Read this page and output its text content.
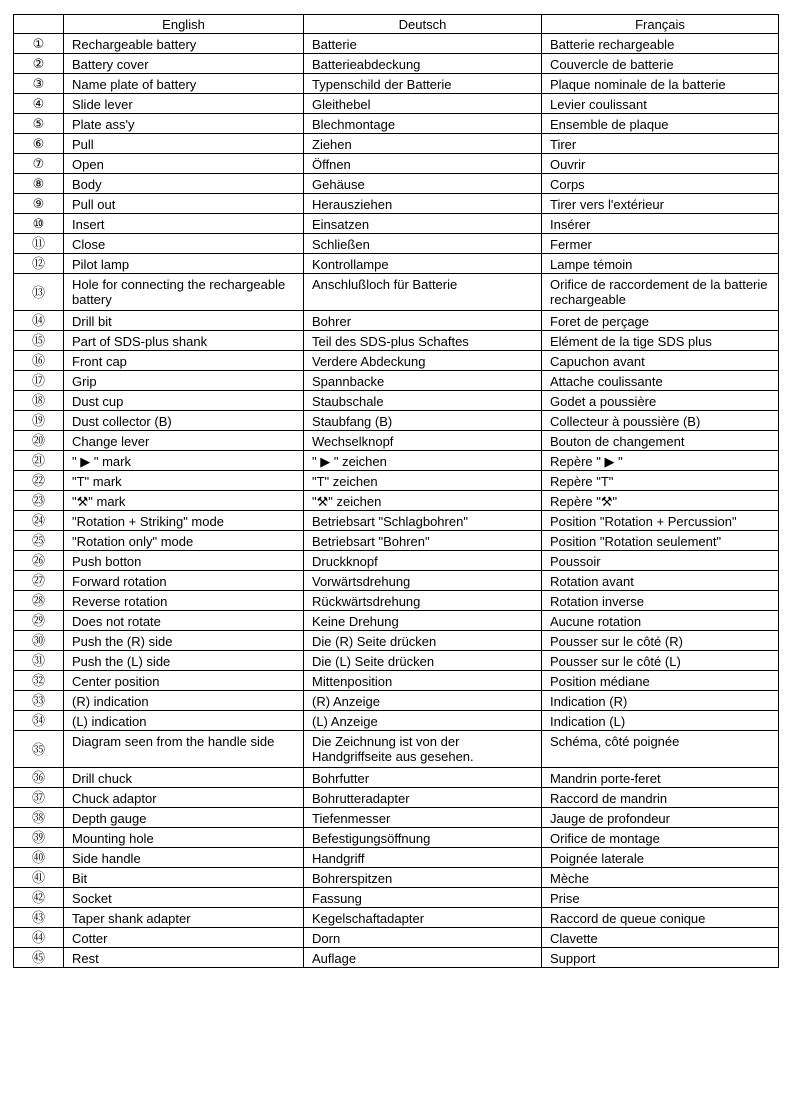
	English	Deutsch	Français
①	Rechargeable battery	Batterie	Batterie rechargeable
②	Battery cover	Batterieabdeckung	Couvercle de batterie
③	Name plate of battery	Typenschild der Batterie	Plaque nominale de la batterie
④	Slide lever	Gleithebel	Levier coulissant
⑤	Plate ass'y	Blechmontage	Ensemble de plaque
⑥	Pull	Ziehen	Tirer
⑦	Open	Öffnen	Ouvrir
⑧	Body	Gehäuse	Corps
⑨	Pull out	Herausziehen	Tirer vers l'extérieur
⑩	Insert	Einsatzen	Insérer
⑪	Close	Schließen	Fermer
⑫	Pilot lamp	Kontrollampe	Lampe témoin
⑬	Hole for connecting the rechargeable battery	Anschlußloch für Batterie	Orifice de raccordement de la batterie rechargeable
⑭	Drill bit	Bohrer	Foret de perçage
⑮	Part of SDS-plus shank	Teil des SDS-plus Schaftes	Elément de la tige SDS plus
⑯	Front cap	Verdere Abdeckung	Capuchon avant
⑰	Grip	Spannbacke	Attache coulissante
⑱	Dust cup	Staubschale	Godet a poussière
⑲	Dust collector (B)	Staubfang (B)	Collecteur à poussière (B)
⑳	Change lever	Wechselknopf	Bouton de changement
㉑	" ▶ " mark	" ▶ " zeichen	Repère " ▶ "
㉒	"T" mark	"T" zeichen	Repère "T"
㉓	"⚒" mark	"⚒" zeichen	Repère "⚒"
㉔	"Rotation + Striking" mode	Betriebsart "Schlagbohren"	Position "Rotation + Percussion"
㉕	"Rotation only" mode	Betriebsart "Bohren"	Position "Rotation seulement"
㉖	Push botton	Druckknopf	Poussoir
㉗	Forward rotation	Vorwärtsdrehung	Rotation avant
㉘	Reverse rotation	Rückwärtsdrehung	Rotation inverse
㉙	Does not rotate	Keine Drehung	Aucune rotation
㉚	Push the (R) side	Die (R) Seite drücken	Pousser sur le côté (R)
㉛	Push the (L) side	Die (L) Seite drücken	Pousser sur le côté (L)
㉜	Center position	Mittenposition	Position médiane
㉝	(R) indication	(R) Anzeige	Indication (R)
㉞	(L) indication	(L) Anzeige	Indication (L)
㉟	Diagram seen from the handle side	Die Zeichnung ist von der Handgriffseite aus gesehen.	Schéma, côté poignée
㊱	Drill chuck	Bohrfutter	Mandrin porte-feret
㊲	Chuck adaptor	Bohrutteradapter	Raccord de mandrin
㊳	Depth gauge	Tiefenmesser	Jauge de profondeur
㊴	Mounting hole	Befestigungsöffnung	Orifice de montage
㊵	Side handle	Handgriff	Poignée laterale
㊶	Bit	Bohrerspitzen	Mèche
㊷	Socket	Fassung	Prise
㊸	Taper shank adapter	Kegelschaftadapter	Raccord de queue conique
㊹	Cotter	Dorn	Clavette
㊺	Rest	Auflage	Support
